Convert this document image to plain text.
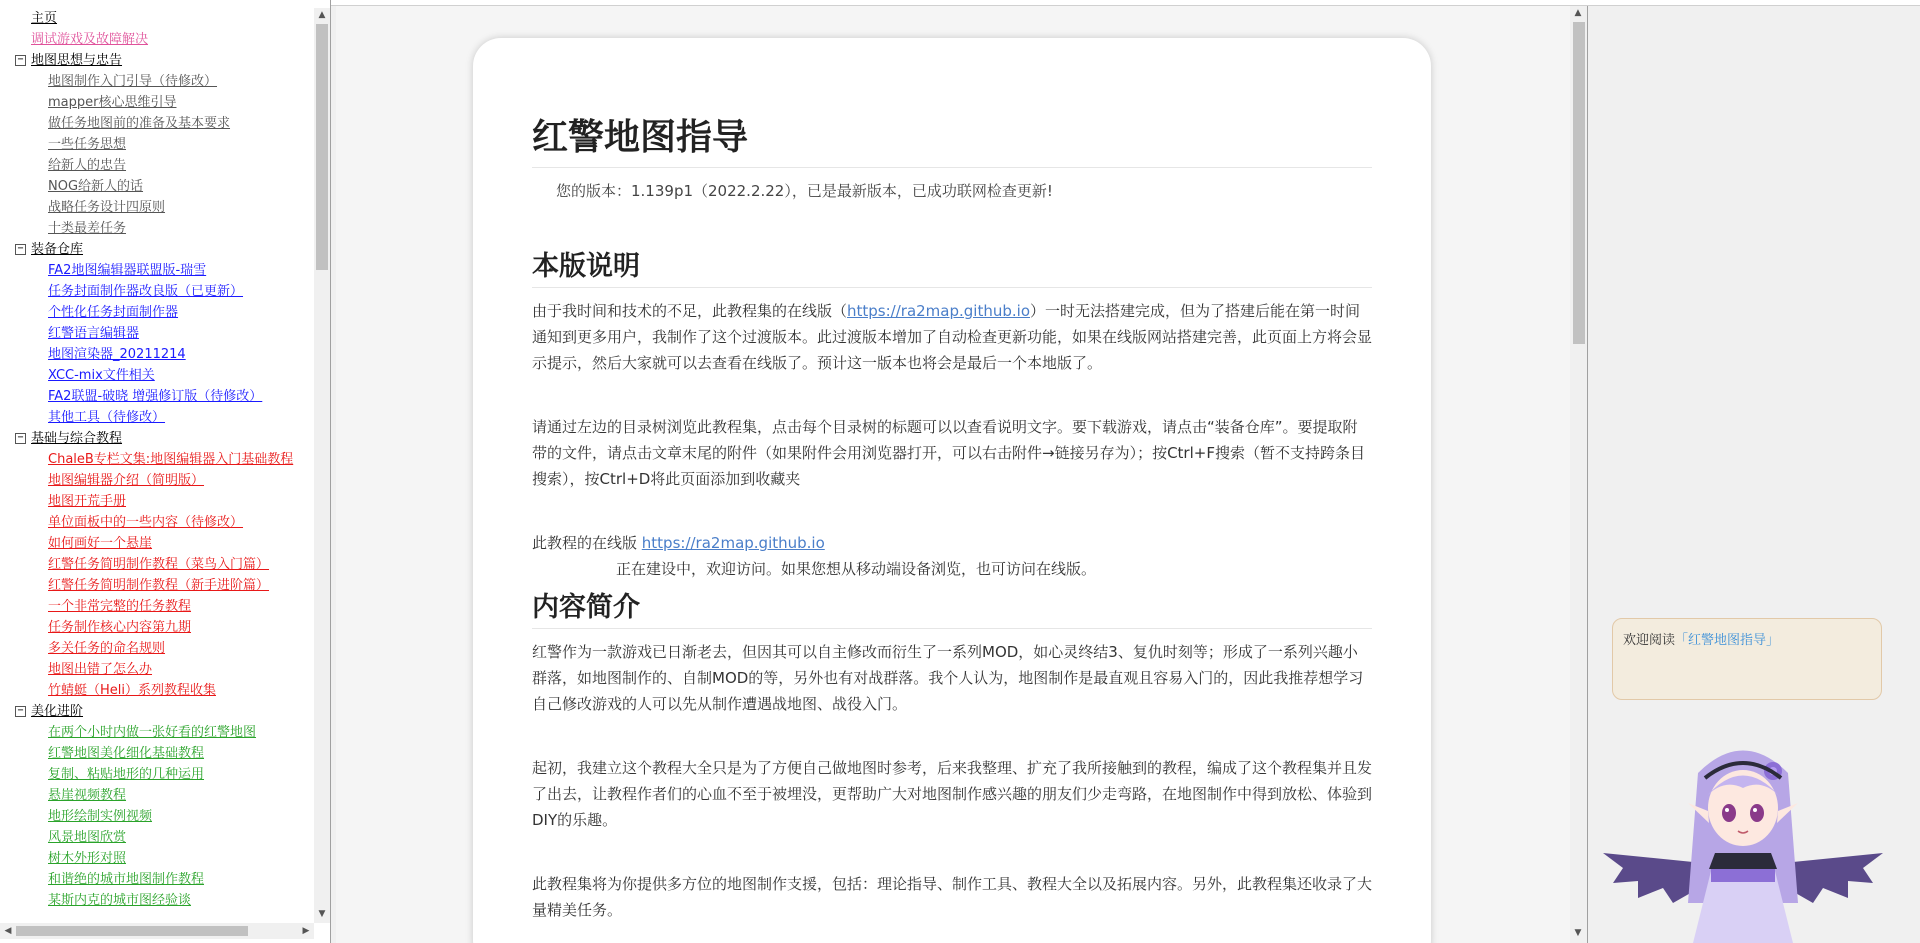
主页
调试游戏及故障解决
− 地图思想与忠告
地图制作入门引导（待修改）
mapper核心思维引导
做任务地图前的准备及基本要求
一些任务思想
给新人的忠告
NOG给新人的话
战略任务设计四原则
十类最差任务
− 装备仓库
FA2地图编辑器联盟版-瑞雪
任务封面制作器改良版（已更新）
个性化任务封面制作器
红警语言编辑器
地图渲染器_20211214
XCC-mix文件相关
FA2联盟-破晓 增强修订版（待修改）
其他工具（待修改）
− 基础与综合教程
ChaleB专栏文集:地图编辑器入门基础教程
地图编辑器介绍（简明版）
地图开荒手册
单位面板中的一些内容（待修改）
如何画好一个悬崖
红警任务简明制作教程（菜鸟入门篇）
红警任务简明制作教程（新手进阶篇）
一个非常完整的任务教程
任务制作核心内容第九期
多关任务的命名规则
地图出错了怎么办
竹蜻蜓（Heli）系列教程收集
− 美化进阶
在两个小时内做一张好看的红警地图
红警地图美化细化基础教程
复制、粘贴地形的几种运用
悬崖视频教程
地形绘制实例视频
风景地图欣赏
树木外形对照
和谐绝的城市地图制作教程
某斯内克的城市图经验谈
▲
▼
◀	▶
红警地图指导
您的版本：1.139p1（2022.2.22），已是最新版本，已成功联网检查更新!
本版说明

由于我时间和技术的不足，此教程集的在线版（https://ra2map.github.io）一时无法搭建完成，但为了搭建后能在第一时间通知到更多用户，我制作了这个过渡版本。此过渡版本增加了自动检查更新功能，如果在线版网站搭建完善，此页面上方将会显示提示，然后大家就可以去查看在线版了。预计这一版本也将会是最后一个本地版了。

请通过左边的目录树浏览此教程集，点击每个目录树的标题可以以查看说明文字。要下载游戏，请点击“装备仓库”。要提取附带的文件，请点击文章末尾的附件（如果附件会用浏览器打开，可以右击附件→链接另存为）；按Ctrl+F搜索（暂不支持跨条目搜索），按Ctrl+D将此页面添加到收藏夹

此教程的在线版 https://ra2map.github.io

正在建设中，欢迎访问。如果您想从移动端设备浏览，也可访问在线版。

内容简介

红警作为一款游戏已日渐老去，但因其可以自主修改而衍生了一系列MOD，如心灵终结3、复仇时刻等；形成了一系列兴趣小群落，如地图制作的、自制MOD的等，另外也有对战群落。我个人认为，地图制作是最直观且容易入门的，因此我推荐想学习自己修改游戏的人可以先从制作遭遇战地图、战役入门。

起初，我建立这个教程大全只是为了方便自己做地图时参考，后来我整理、扩充了我所接触到的教程，编成了这个教程集并且发了出去，让教程作者们的心血不至于被埋没，更帮助广大对地图制作感兴趣的朋友们少走弯路，在地图制作中得到放松、体验到DIY的乐趣。

此教程集将为你提供多方位的地图制作支援，包括：理论指导、制作工具、教程大全以及拓展内容。另外，此教程集还收录了大量精美任务。

▲
▼
欢迎阅读「红警地图指导」
